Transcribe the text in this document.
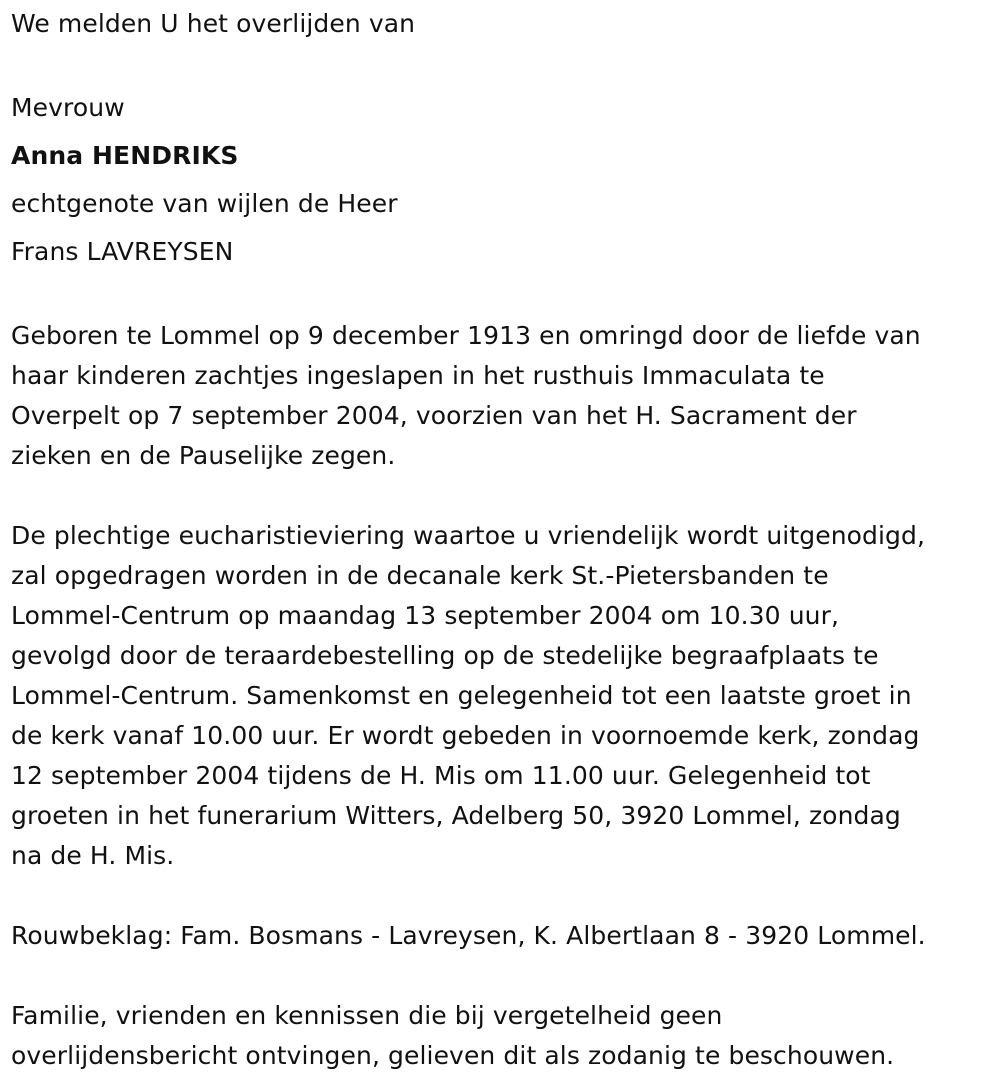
We melden U het overlijden van
Mevrouw
Anna HENDRIKS
echtgenote van wijlen de Heer
Frans LAVREYSEN
Geboren te Lommel op 9 december 1913 en omringd door de liefde van
haar kinderen zachtjes ingeslapen in het rusthuis Immaculata te
Overpelt op 7 september 2004, voorzien van het H. Sacrament der
zieken en de Pauselijke zegen.
De plechtige eucharistieviering waartoe u vriendelijk wordt uitgenodigd,
zal opgedragen worden in de decanale kerk St.-Pietersbanden te
Lommel-Centrum op maandag 13 september 2004 om 10.30 uur,
gevolgd door de teraardebestelling op de stedelijke begraafplaats te
Lommel-Centrum. Samenkomst en gelegenheid tot een laatste groet in
de kerk vanaf 10.00 uur. Er wordt gebeden in voornoemde kerk, zondag
12 september 2004 tijdens de H. Mis om 11.00 uur. Gelegenheid tot
groeten in het funerarium Witters, Adelberg 50, 3920 Lommel, zondag
na de H. Mis.
Rouwbeklag: Fam. Bosmans - Lavreysen, K. Albertlaan 8 - 3920 Lommel.
Familie, vrienden en kennissen die bij vergetelheid geen
overlijdensbericht ontvingen, gelieven dit als zodanig te beschouwen.
